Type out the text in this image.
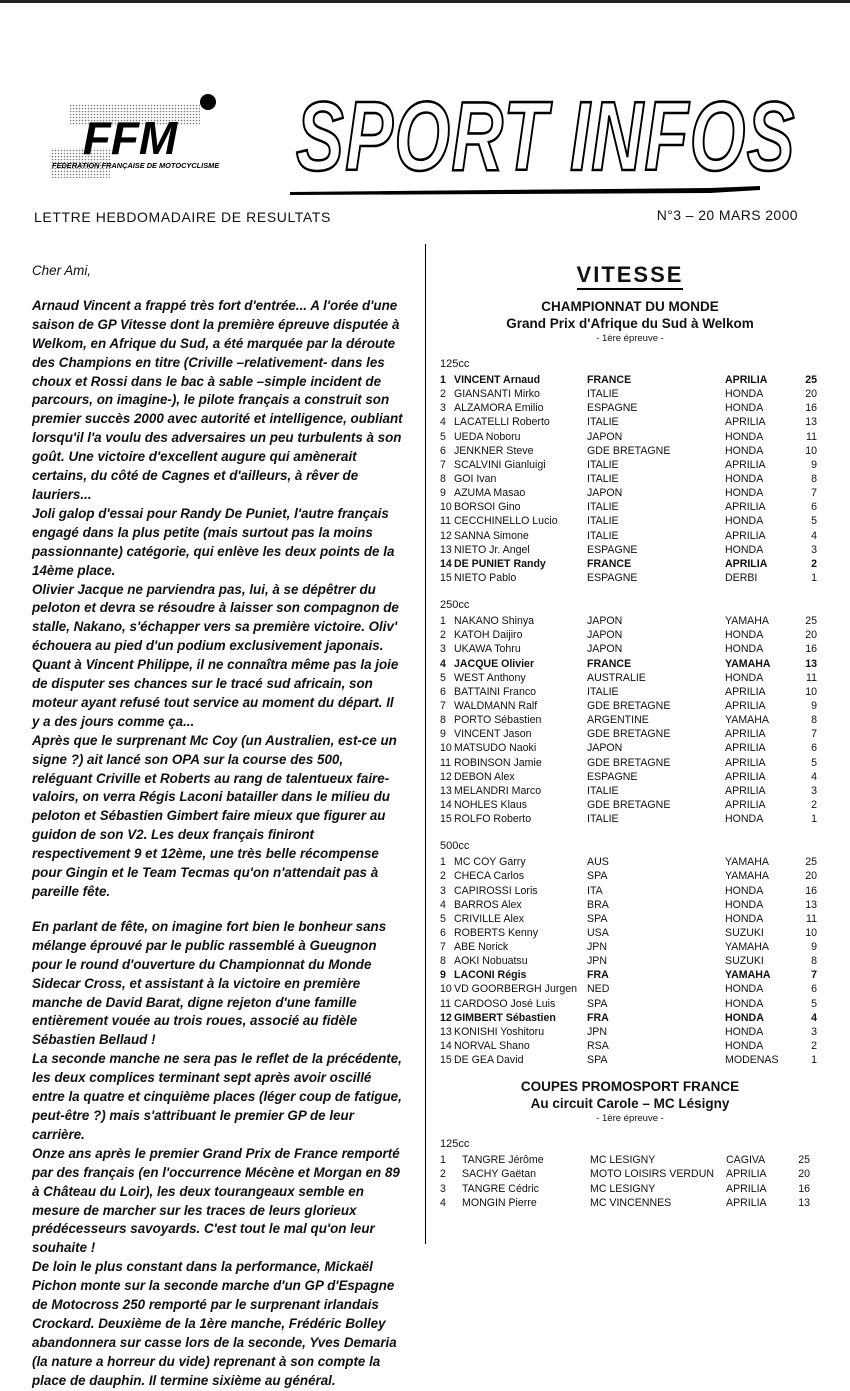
FFM
FEDERATION FRANÇAISE DE MOTOCYCLISME SPORT INFOS
LETTRE HEBDOMADAIRE DE RESULTATS	N°3 – 20 MARS 2000

Cher Ami,

Arnaud Vincent a frappé très fort d'entrée... A l'orée d'une saison de GP Vitesse dont la première épreuve disputée à Welkom, en Afrique du Sud, a été marquée par la déroute des Champions en titre (Criville –relativement- dans les choux et Rossi dans le bac à sable –simple incident de parcours, on imagine-), le pilote français a construit son premier succès 2000 avec autorité et intelligence, oubliant lorsqu'il l'a voulu des adversaires un peu turbulents à son goût. Une victoire d'excellent augure qui amènerait certains, du côté de Cagnes et d'ailleurs, à rêver de lauriers...

Joli galop d'essai pour Randy De Puniet, l'autre français engagé dans la plus petite (mais surtout pas la moins passionnante) catégorie, qui enlève les deux points de la 14ème place.

Olivier Jacque ne parviendra pas, lui, à se dépêtrer du peloton et devra se résoudre à laisser son compagnon de stalle, Nakano, s'échapper vers sa première victoire. Oliv' échouera au pied d'un podium exclusivement japonais.

Quant à Vincent Philippe, il ne connaîtra même pas la joie de disputer ses chances sur le tracé sud africain, son moteur ayant refusé tout service au moment du départ. Il y a des jours comme ça...

Après que le surprenant Mc Coy (un Australien, est-ce un signe ?) ait lancé son OPA sur la course des 500, reléguant Criville et Roberts au rang de talentueux faire-valoirs, on verra Régis Laconi batailler dans le milieu du peloton et Sébastien Gimbert faire mieux que figurer au guidon de son V2. Les deux français finiront respectivement 9 et 12ème, une très belle récompense pour Gingin et le Team Tecmas qu'on n'attendait pas à pareille fête.

En parlant de fête, on imagine fort bien le bonheur sans mélange éprouvé par le public rassemblé à Gueugnon pour le round d'ouverture du Championnat du Monde Sidecar Cross, et assistant à la victoire en première manche de David Barat, digne rejeton d'une famille entièrement vouée au trois roues, associé au fidèle Sébastien Bellaud !

La seconde manche ne sera pas le reflet de la précédente, les deux complices terminant sept après avoir oscillé entre la quatre et cinquième places (léger coup de fatigue, peut-être ?) mais s'attribuant le premier GP de leur carrière.

Onze ans après le premier Grand Prix de France remporté par des français (en l'occurrence Mécène et Morgan en 89 à Château du Loir), les deux tourangeaux semble en mesure de marcher sur les traces de leurs glorieux prédécesseurs savoyards. C'est tout le mal qu'on leur souhaite !

De loin le plus constant dans la performance, Mickaël Pichon monte sur la seconde marche d'un GP d'Espagne de Motocross 250 remporté par le surprenant irlandais Crockard. Deuxième de la 1ère manche, Frédéric Bolley abandonnera sur casse lors de la seconde, Yves Demaria (la nature a horreur du vide) reprenant à son compte la place de dauphin. Il termine sixième au général.

VITESSE
CHAMPIONNAT DU MONDE
Grand Prix d'Afrique du Sud à Welkom
- 1ère épreuve -
125cc
1 VINCENT Arnaud	FRANCE	APRILIA	25
2 GIANSANTI Mirko	ITALIE	HONDA	20
3 ALZAMORA Emilio	ESPAGNE	HONDA	16
4 LACATELLI Roberto	ITALIE	APRILIA	13
5 UEDA Noboru	JAPON	HONDA	11
6 JENKNER Steve	GDE BRETAGNE	HONDA	10
7 SCALVINI Gianluigi	ITALIE	APRILIA	9
8 GOI Ivan	ITALIE	HONDA	8
9 AZUMA Masao	JAPON	HONDA	7
10 BORSOI Gino	ITALIE	APRILIA	6
11 CECCHINELLO Lucio	ITALIE	HONDA	5
12 SANNA Simone	ITALIE	APRILIA	4
13 NIETO Jr. Angel	ESPAGNE	HONDA	3
14 DE PUNIET Randy	FRANCE	APRILIA	2
15 NIETO Pablo	ESPAGNE	DERBI	1
250cc
1 NAKANO Shinya	JAPON	YAMAHA	25
2 KATOH Daijiro	JAPON	HONDA	20
3 UKAWA Tohru	JAPON	HONDA	16
4 JACQUE Olivier	FRANCE	YAMAHA	13
5 WEST Anthony	AUSTRALIE	HONDA	11
6 BATTAINI Franco	ITALIE	APRILIA	10
7 WALDMANN Ralf	GDE BRETAGNE	APRILIA	9
8 PORTO Sébastien	ARGENTINE	YAMAHA	8
9 VINCENT Jason	GDE BRETAGNE	APRILIA	7
10 MATSUDO Naoki	JAPON	APRILIA	6
11 ROBINSON Jamie	GDE BRETAGNE	APRILIA	5
12 DEBON Alex	ESPAGNE	APRILIA	4
13 MELANDRI Marco	ITALIE	APRILIA	3
14 NOHLES Klaus	GDE BRETAGNE	APRILIA	2
15 ROLFO Roberto	ITALIE	HONDA	1
500cc
1 MC COY Garry	AUS	YAMAHA	25
2 CHECA Carlos	SPA	YAMAHA	20
3 CAPIROSSI Loris	ITA	HONDA	16
4 BARROS Alex	BRA	HONDA	13
5 CRIVILLE Alex	SPA	HONDA	11
6 ROBERTS Kenny	USA	SUZUKI	10
7 ABE Norick	JPN	YAMAHA	9
8 AOKI Nobuatsu	JPN	SUZUKI	8
9 LACONI Régis	FRA	YAMAHA	7
10 VD GOORBERGH Jurgen NED	HONDA	6
11 CARDOSO José Luis	SPA	HONDA	5
12 GIMBERT Sébastien	FRA	HONDA	4
13 KONISHI Yoshitoru	JPN	HONDA	3
14 NORVAL Shano	RSA	HONDA	2
15 DE GEA David	SPA	MODENAS	1
COUPES PROMOSPORT FRANCE
Au circuit Carole – MC Lésigny
- 1ère épreuve -
125cc
1	TANGRE Jérôme	MC LESIGNY	CAGIVA	25
2	SACHY Gaëtan	MOTO LOISIRS VERDUN	APRILIA	20
3	TANGRE Cédric	MC LESIGNY	APRILIA	16
4	MONGIN Pierre	MC VINCENNES	APRILIA	13
